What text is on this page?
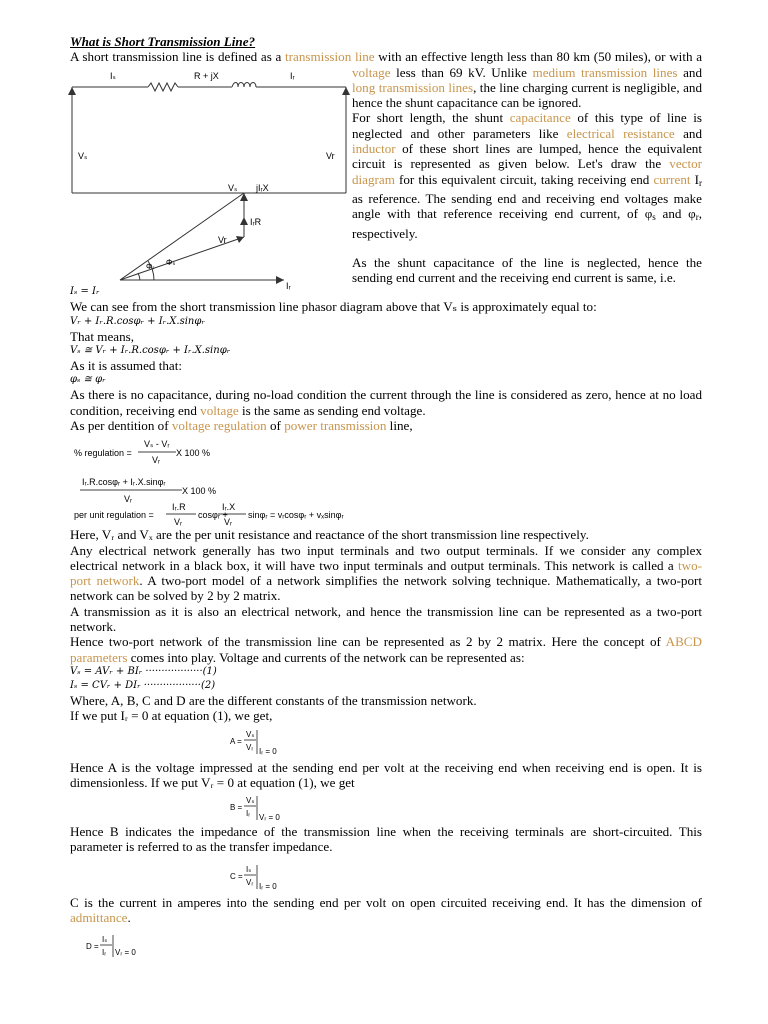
What is Short Transmission Line?
A short transmission line is defined as a transmission line with an effective length less than 80 km (50 miles), or with a
Iₛ	R + jX	Iᵣ
Vₛ	Vr
Vₛ jIᵣX
IᵣR
Vr
Φᵣ Φₛ
Iᵣ
voltage less than 69 kV. Unlike medium transmission lines and long transmission lines, the line charging current is negligible, and hence the shunt capacitance can be ignored.
For short length, the shunt capacitance of this type of line is neglected and other parameters like electrical resistance and inductor of these short lines are lumped, hence the equivalent circuit is represented as given below. Let's draw the vector diagram for this equivalent circuit, taking receiving end current $I_r$ as reference. The sending end and receiving end voltages make angle with that reference receiving end current, of $\varphi_s$ and $\varphi_r$, respectively.
As the shunt capacitance of the line is neglected, hence the sending end current and the receiving end current is same, i.e.
Iₛ = Iᵣ
We can see from the short transmission line phasor diagram above that Vₛ is approximately equal to:
Vᵣ + Iᵣ.R.cosφᵣ + Iᵣ.X.sinφᵣ
That means,
Vₛ ≅ Vᵣ + Iᵣ.R.cosφᵣ + Iᵣ.X.sinφᵣ
As it is assumed that:
φₛ ≅ φᵣ
As there is no capacitance, during no-load condition the current through the line is considered as zero, hence at no load condition, receiving end voltage is the same as sending end voltage.
As per dentition of voltage regulation of power transmission line,
% regulation =
Vₛ - Vᵣ
Vᵣ
X 100 %
Iᵣ.R.cosφᵣ + Iᵣ.X.sinφᵣ
Vᵣ
X 100 %
per unit regulation =
Iᵣ.R
Vᵣ
cosφᵣ +
Iᵣ.X
Vᵣ
sinφᵣ = vᵣcosφᵣ + vₓsinφᵣ
Here, Vᵣ and Vₓ are the per unit resistance and reactance of the short transmission line respectively.
Any electrical network generally has two input terminals and two output terminals. If we consider any complex electrical network in a black box, it will have two input terminals and output terminals. This network is called a two-port network. A two-port model of a network simplifies the network solving technique. Mathematically, a two-port network can be solved by 2 by 2 matrix.
A transmission as it is also an electrical network, and hence the transmission line can be represented as a two-port network.
Hence two-port network of the transmission line can be represented as 2 by 2 matrix. Here the concept of ABCD parameters comes into play. Voltage and currents of the network can be represented as:
Vₛ = AVᵣ + BIᵣ ··················(1)
Iₛ = CVᵣ + DIᵣ ··················(2)
Where, A, B, C and D are the different constants of the transmission network.
If we put Iᵣ = 0 at equation (1), we get,
A =
Vₛ
Vᵣ Iᵣ = 0
Hence A is the voltage impressed at the sending end per volt at the receiving end when receiving end is open. It is dimensionless. If we put Vᵣ = 0 at equation (1), we get
B =
Vₛ
Iᵣ Vᵣ = 0
Hence B indicates the impedance of the transmission line when the receiving terminals are short-circuited. This parameter is referred to as the transfer impedance.
C =
Iₛ
Vᵣ Iᵣ = 0
C is the current in amperes into the sending end per volt on open circuited receiving end. It has the dimension of admittance.
D =
Iₛ
Iᵣ Vᵣ = 0
